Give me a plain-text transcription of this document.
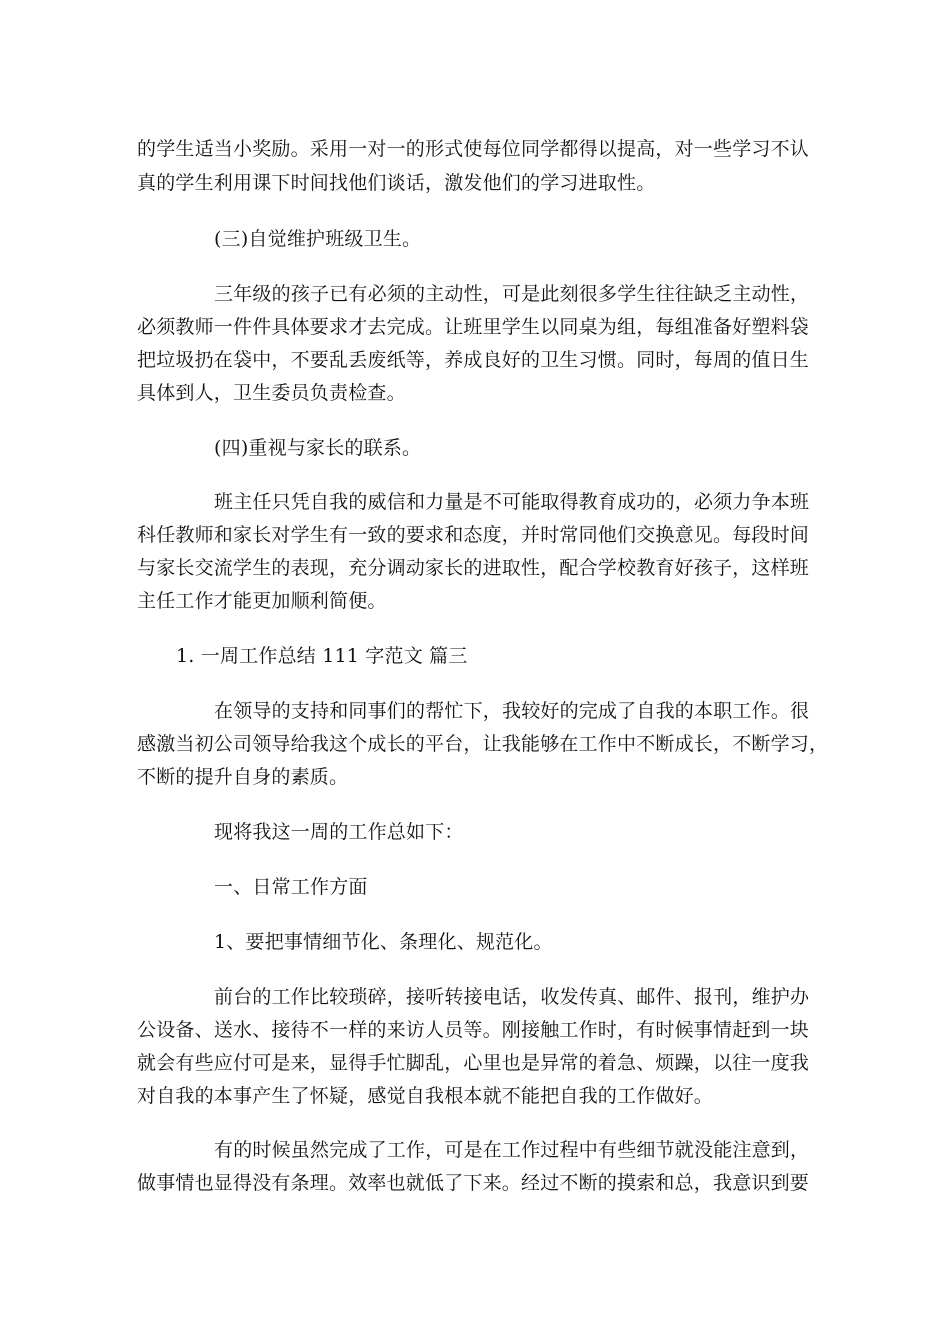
的学生适当小奖励。采用一对一的形式使每位同学都得以提高，对一些学习不认
真的学生利用课下时间找他们谈话，激发他们的学习进取性。
(三)自觉维护班级卫生。
三年级的孩子已有必须的主动性，可是此刻很多学生往往缺乏主动性，
必须教师一件件具体要求才去完成。让班里学生以同桌为组，每组准备好塑料袋
把垃圾扔在袋中，不要乱丢废纸等，养成良好的卫生习惯。同时，每周的值日生
具体到人，卫生委员负责检查。
(四)重视与家长的联系。
班主任只凭自我的威信和力量是不可能取得教育成功的，必须力争本班
科任教师和家长对学生有一致的要求和态度，并时常同他们交换意见。每段时间
与家长交流学生的表现，充分调动家长的进取性，配合学校教育好孩子，这样班
主任工作才能更加顺利简便。
1. 一周工作总结 111 字范文 篇三
在领导的支持和同事们的帮忙下，我较好的完成了自我的本职工作。很
感激当初公司领导给我这个成长的平台，让我能够在工作中不断成长，不断学习，
不断的提升自身的素质。
现将我这一周的工作总如下：
一、日常工作方面
1、要把事情细节化、条理化、规范化。
前台的工作比较琐碎，接听转接电话，收发传真、邮件、报刊，维护办
公设备、送水、接待不一样的来访人员等。刚接触工作时，有时候事情赶到一块
就会有些应付可是来，显得手忙脚乱，心里也是异常的着急、烦躁，以往一度我
对自我的本事产生了怀疑，感觉自我根本就不能把自我的工作做好。
有的时候虽然完成了工作，可是在工作过程中有些细节就没能注意到，
做事情也显得没有条理。效率也就低了下来。经过不断的摸索和总，我意识到要
